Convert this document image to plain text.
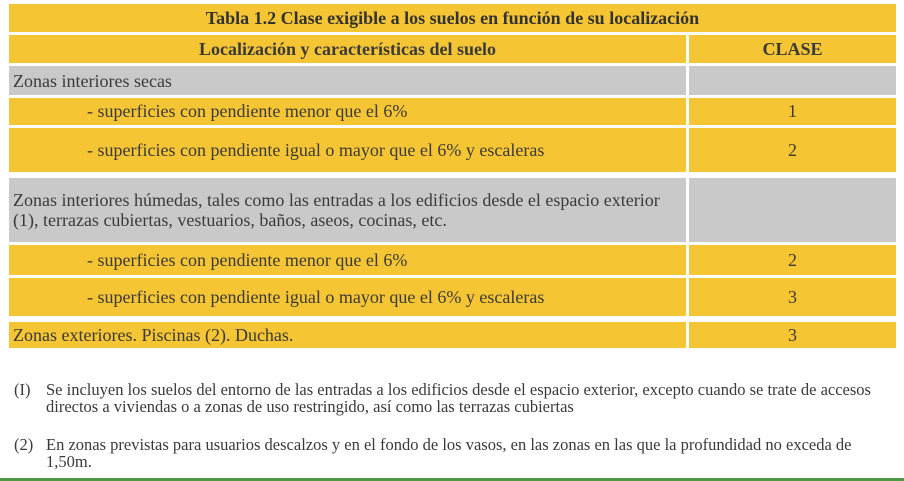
Tabla 1.2 Clase exigible a los suelos en función de su localización
Localización y características del suelo	CLASE
Zonas interiores secas
- superficies con pendiente menor que el 6%	1
- superficies con pendiente igual o mayor que el 6% y escaleras	2
Zonas interiores húmedas, tales como las entradas a los edificios desde el espacio exterior (1), terrazas cubiertas, vestuarios, baños, aseos, cocinas, etc.
- superficies con pendiente menor que el 6%	2
- superficies con pendiente igual o mayor que el 6% y escaleras	3
Zonas exteriores. Piscinas (2). Duchas.	3
(I) Se incluyen los suelos del entorno de las entradas a los edificios desde el espacio exterior, excepto cuando se trate de accesos directos a viviendas o a zonas de uso restringido, así como las terrazas cubiertas
(2) En zonas previstas para usuarios descalzos y en el fondo de los vasos, en las zonas en las que la profundidad no exceda de 1,50m.
